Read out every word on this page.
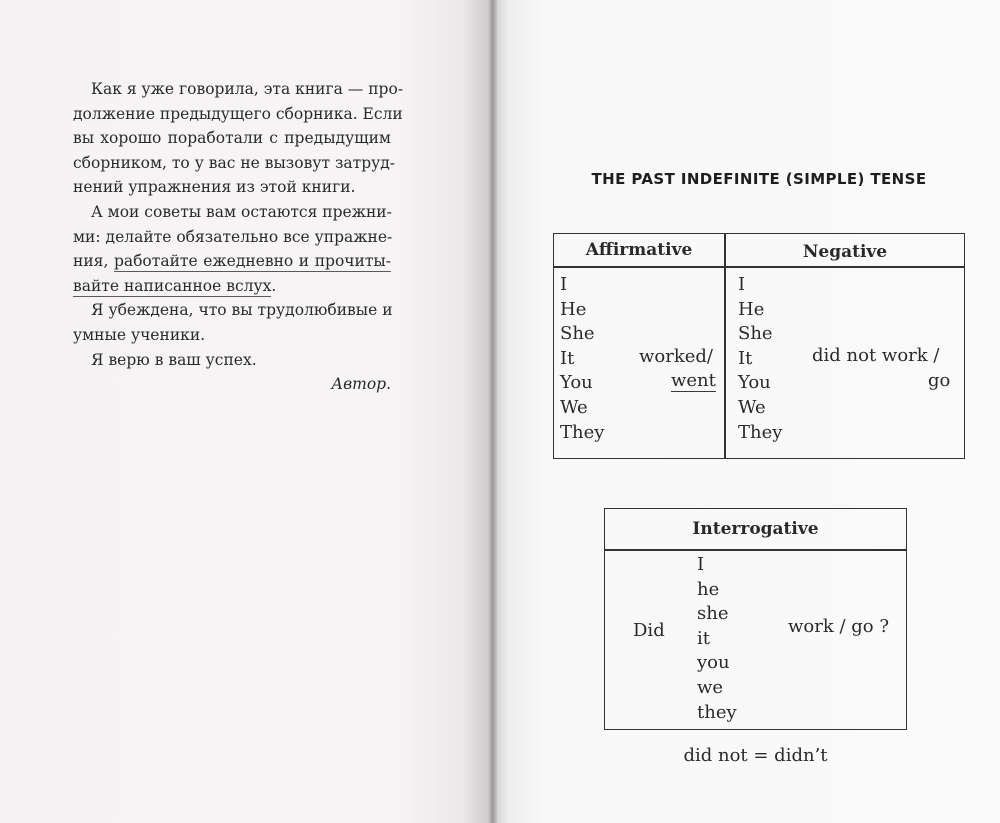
Как я уже говорила, эта книга — про-
должение предыдущего сборника. Если
вы хорошо поработали с предыдущим
сборником, то у вас не вызовут затруд-
нений упражнения из этой книги.
А мои советы вам остаются прежни-
ми: делайте обязательно все упражне-
ния, работайте ежедневно и прочиты-
вайте написанное вслух.
Я убеждена, что вы трудолюбивые и
умные ученики.
Я верю в ваш успех.
Автор.
THE PAST INDEFINITE (SIMPLE) TENSE
Affirmative	Negative
I
He
She
It
You
We
They
worked/
went
I
He
She
It
You
We
They
did not work /
go
Interrogative
Did
I
he
she
it
you
we
they
work / go ?
did not = didn’t
